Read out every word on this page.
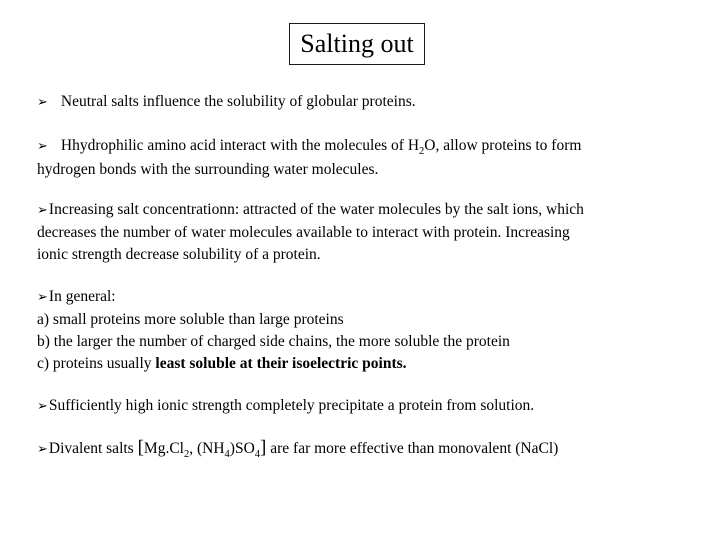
Salting out
➢ Neutral salts influence the solubility of globular proteins.
➢ Hhydrophilic amino acid interact with the molecules of $H_2O$, allow proteins to form
hydrogen bonds with the surrounding water molecules.
➢Increasing salt concentrationn: attracted of the water molecules by the salt ions, which
decreases the number of water molecules available to interact with protein. Increasing
ionic strength decrease solubility of a protein.
➢In general:
a) small proteins more soluble than large proteins
b) the larger the number of charged side chains, the more soluble the protein
c) proteins usually least soluble at their isoelectric points.
➢Sufficiently high ionic strength completely precipitate a protein from solution.
➢Divalent salts [$Mg.Cl_2$, $(NH_4)SO_4$] are far more effective than monovalent (NaCl)
